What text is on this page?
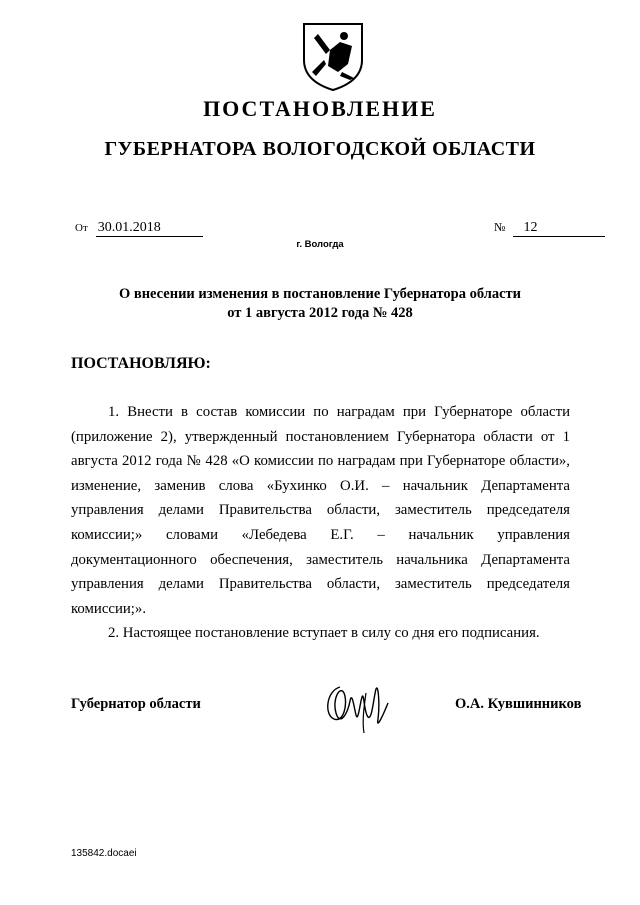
ПОСТАНОВЛЕНИЕ
ГУБЕРНАТОРА ВОЛОГОДСКОЙ ОБЛАСТИ
От 30.01.2018	№ 12
г. Вологда
О внесении изменения в постановление Губернатора области
от 1 августа 2012 года № 428
ПОСТАНОВЛЯЮ:

1. Внести в состав комиссии по наградам при Губернаторе области (приложение 2), утвержденный постановлением Губернатора области от 1 августа 2012 года № 428 «О комиссии по наградам при Губернаторе области», изменение, заменив слова «Бухинко О.И. – начальник Департамента управления делами Правительства области, заместитель председателя комиссии;» словами «Лебедева Е.Г. – начальник управления документационного обеспечения, заместитель начальника Департамента управления делами Правительства области, заместитель председателя комиссии;».

2. Настоящее постановление вступает в силу со дня его подписания.

Губернатор области	О.А. Кувшинников
135842.docaei
